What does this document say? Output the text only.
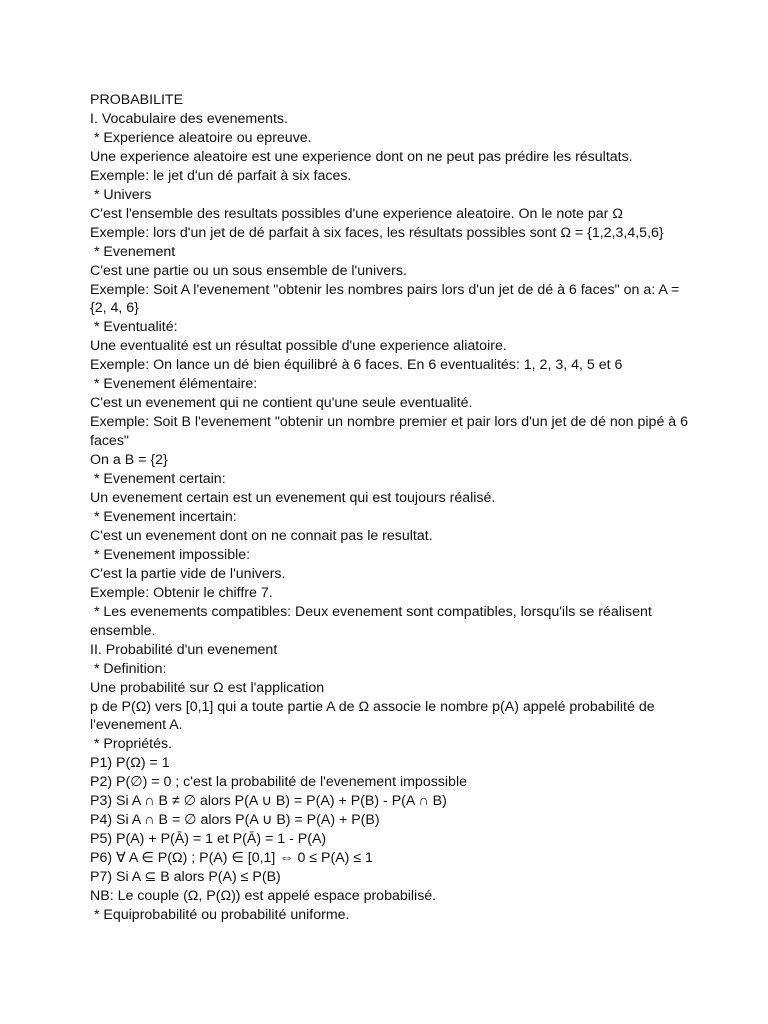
PROBABILITE
I. Vocabulaire des evenements.
* Experience aleatoire ou epreuve.
Une experience aleatoire est une experience dont on ne peut pas prédire les résultats.
Exemple: le jet d'un dé parfait à six faces.
* Univers
C'est l'ensemble des resultats possibles d'une experience aleatoire. On le note par Ω
Exemple: lors d'un jet de dé parfait à six faces, les résultats possibles sont Ω = {1,2,3,4,5,6}
* Evenement
C'est une partie ou un sous ensemble de l'univers.
Exemple: Soit A l'evenement "obtenir les nombres pairs lors d'un jet de dé à 6 faces" on a: A =
{2, 4, 6}
* Eventualité:
Une eventualité est un résultat possible d'une experience aliatoire.
Exemple: On lance un dé bien équilibré à 6 faces. En 6 eventualités: 1, 2, 3, 4, 5 et 6
* Evenement élémentaire:
C'est un evenement qui ne contient qu'une seule eventualité.
Exemple: Soit B l'evenement "obtenir un nombre premier et pair lors d'un jet de dé non pipé à 6
faces"
On a B = {2}
* Evenement certain:
Un evenement certain est un evenement qui est toujours réalisé.
* Evenement incertain:
C'est un evenement dont on ne connait pas le resultat.
* Evenement impossible:
C'est la partie vide de l'univers.
Exemple: Obtenir le chiffre 7.
* Les evenements compatibles: Deux evenement sont compatibles, lorsqu'ils se réalisent
ensemble.
II. Probabilité d'un evenement
* Definition:
Une probabilité sur Ω est l'application
p de P(Ω) vers [0,1] qui a toute partie A de Ω associe le nombre p(A) appelé probabilité de
l'evenement A.
* Propriétés.
P1) P(Ω) = 1
P2) P(∅) = 0 ; c'est la probabilité de l'evenement impossible
P3) Si A ∩ B ≠ ∅ alors P(A ∪ B) = P(A) + P(B) - P(A ∩ B)
P4) Si A ∩ B = ∅ alors P(A ∪ B) = P(A) + P(B)
P5) P(A) + P(Ā) = 1 et P(Ā) = 1 - P(A)
P6) ∀ A ∈ P(Ω) ; P(A) ∈ [0,1] ⇔ 0 ≤ P(A) ≤ 1
P7) Si A ⊆ B alors P(A) ≤ P(B)
NB: Le couple (Ω, P(Ω)) est appelé espace probabilisé.
* Equiprobabilité ou probabilité uniforme.
